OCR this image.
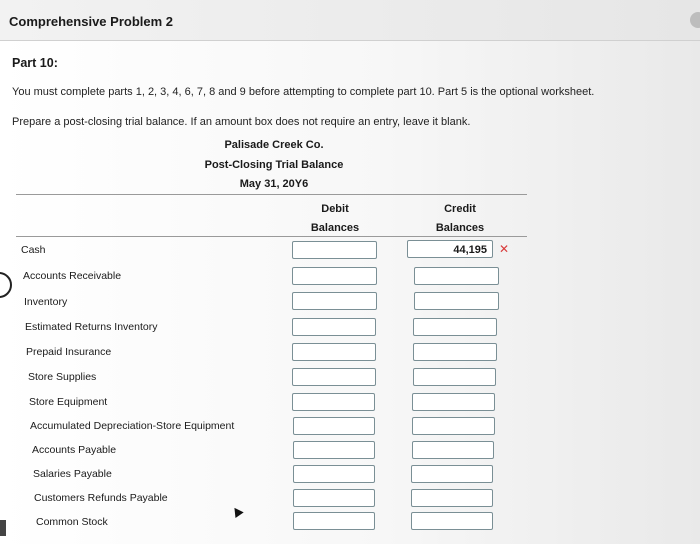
Comprehensive Problem 2
Part 10:
You must complete parts 1, 2, 3, 4, 6, 7, 8 and 9 before attempting to complete part 10. Part 5 is the optional worksheet.
Prepare a post-closing trial balance. If an amount box does not require an entry, leave it blank.
Palisade Creek Co.
Post-Closing Trial Balance
May 31, 20Y6
Debit
Balances
Credit
Balances
Cash
44,195	✕
Accounts Receivable
Inventory
Estimated Returns Inventory
Prepaid Insurance
Store Supplies
Store Equipment
Accumulated Depreciation-Store Equipment
Accounts Payable
Salaries Payable
Customers Refunds Payable
Common Stock
